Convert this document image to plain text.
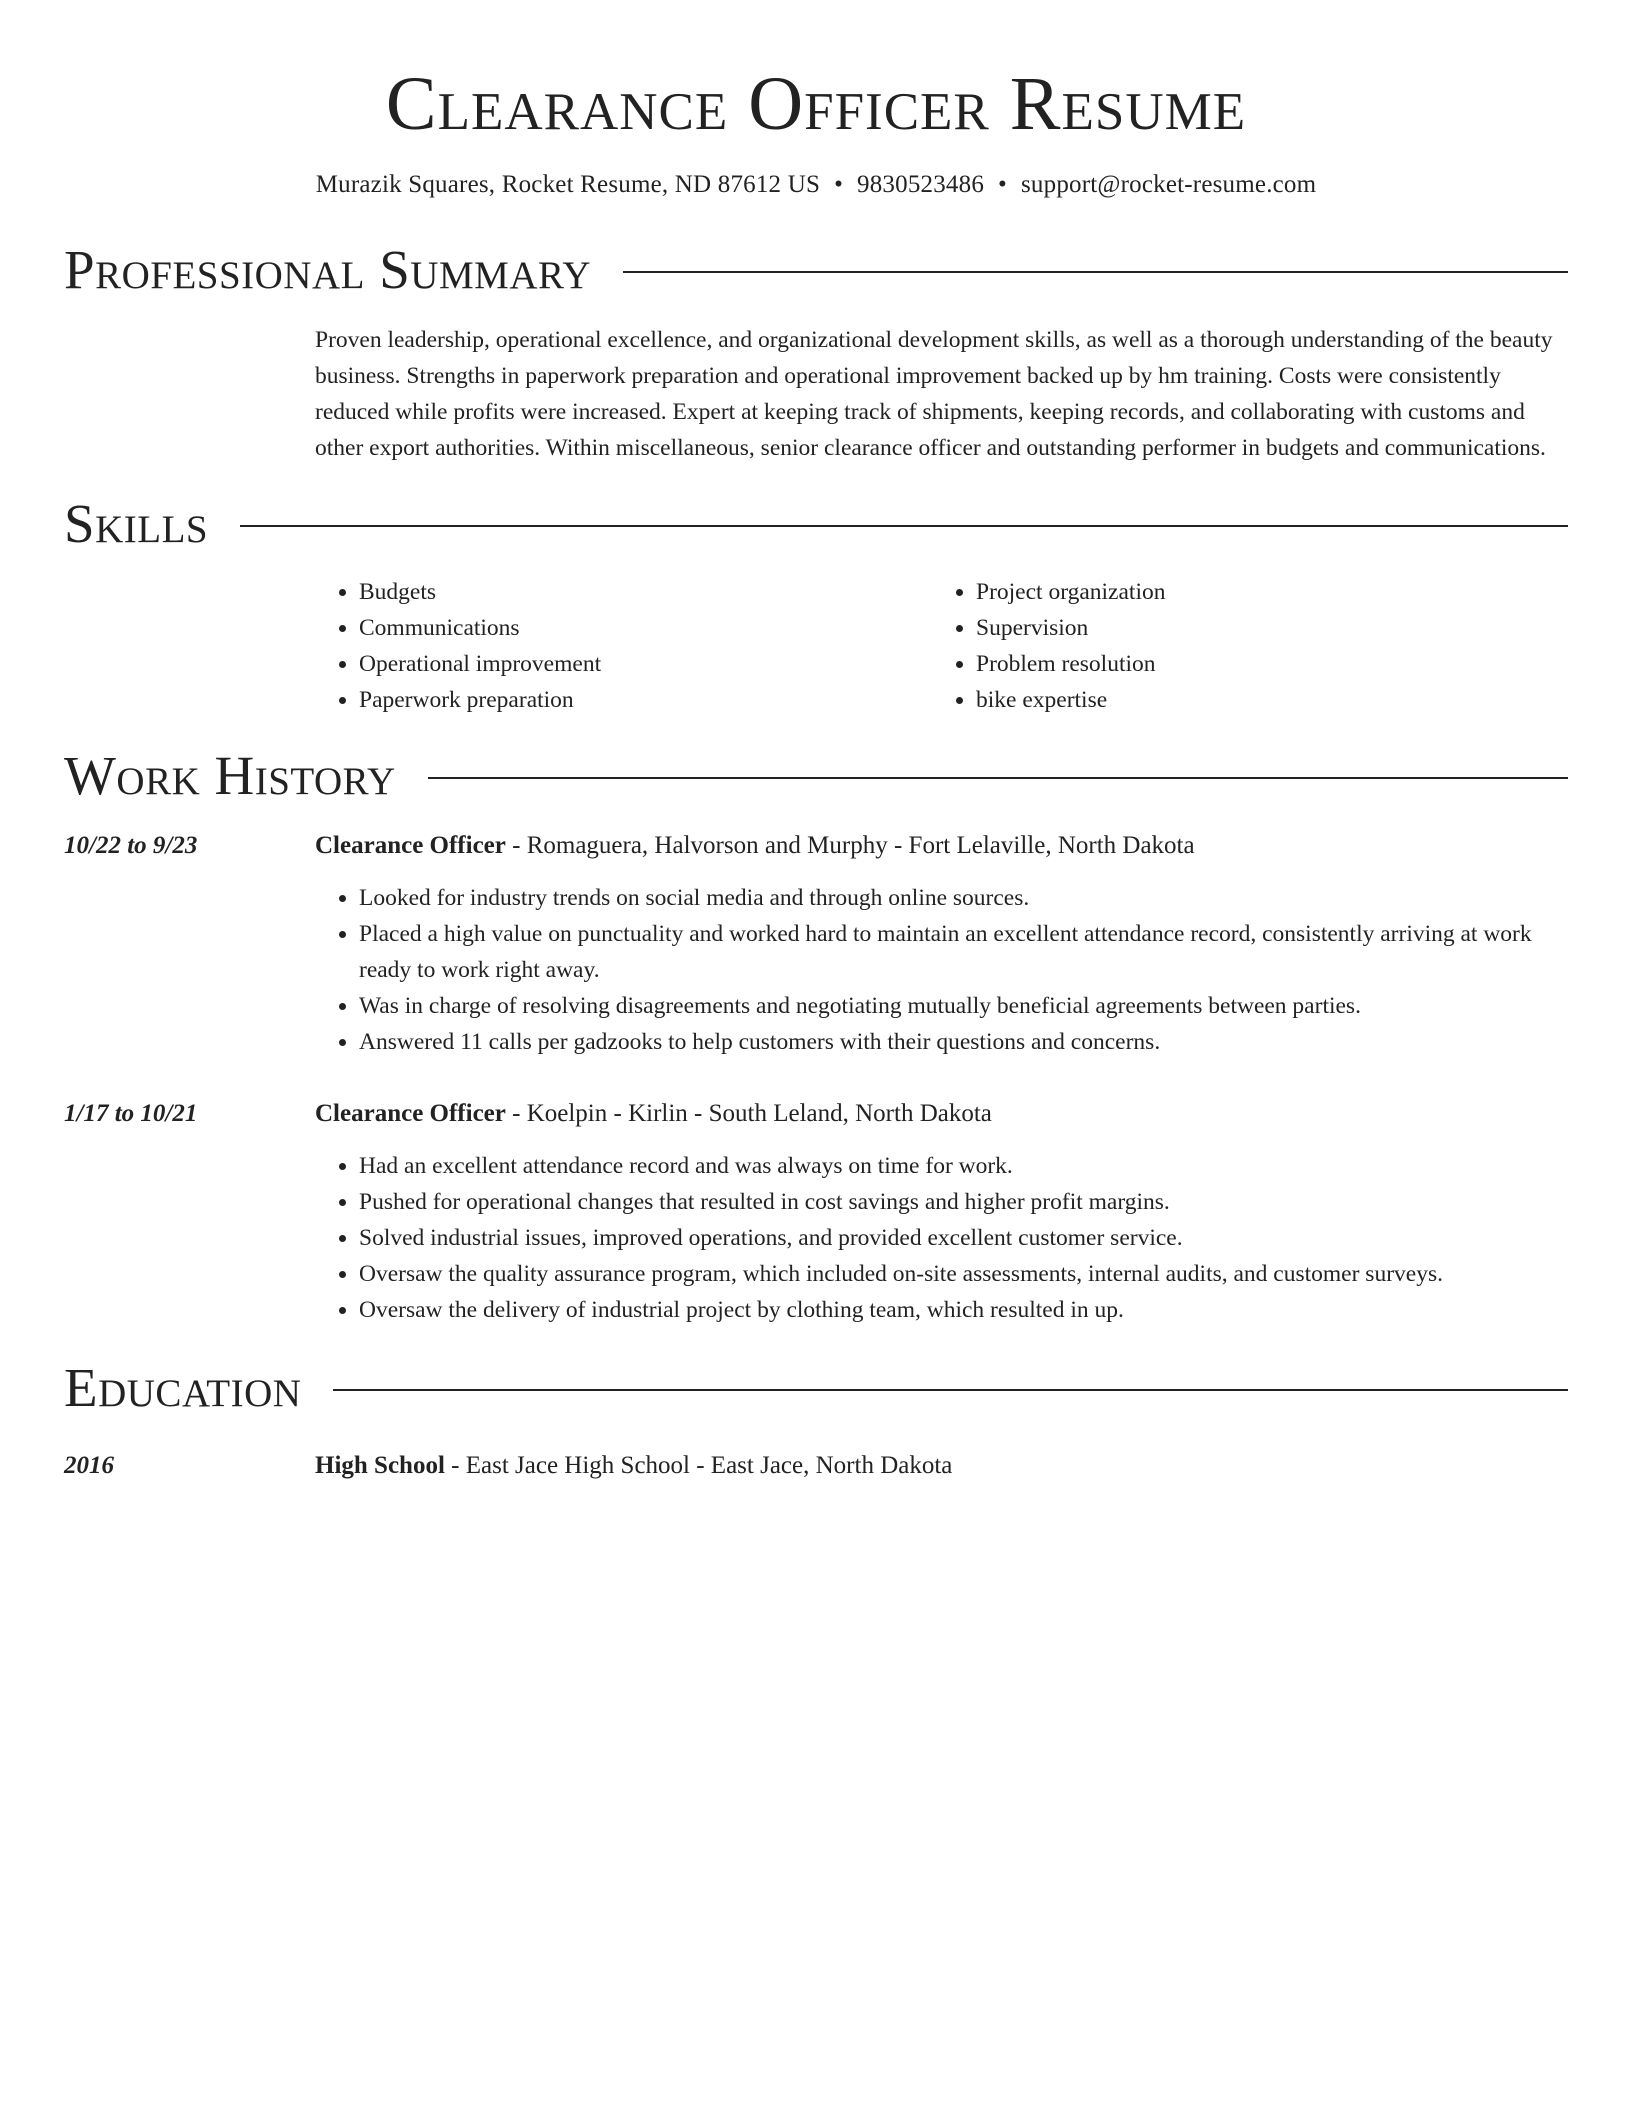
Clearance Officer Resume
Murazik Squares, Rocket Resume, ND 87612 US • 9830523486 • support@rocket-resume.com
Professional Summary
Proven leadership, operational excellence, and organizational development skills, as well as a thorough understanding of the beauty business. Strengths in paperwork preparation and operational improvement backed up by hm training. Costs were consistently reduced while profits were increased. Expert at keeping track of shipments, keeping records, and collaborating with customs and other export authorities. Within miscellaneous, senior clearance officer and outstanding performer in budgets and communications.
Skills
• Budgets
• Communications
• Operational improvement
• Paperwork preparation
• Project organization
• Supervision
• Problem resolution
• bike expertise
Work History
10/22 to 9/23	Clearance Officer - Romaguera, Halvorson and Murphy - Fort Lelaville, North Dakota
• Looked for industry trends on social media and through online sources.
• Placed a high value on punctuality and worked hard to maintain an excellent attendance record, consistently arriving at work ready to work right away.
• Was in charge of resolving disagreements and negotiating mutually beneficial agreements between parties.
• Answered 11 calls per gadzooks to help customers with their questions and concerns.
1/17 to 10/21	Clearance Officer - Koelpin - Kirlin - South Leland, North Dakota
• Had an excellent attendance record and was always on time for work.
• Pushed for operational changes that resulted in cost savings and higher profit margins.
• Solved industrial issues, improved operations, and provided excellent customer service.
• Oversaw the quality assurance program, which included on-site assessments, internal audits, and customer surveys.
• Oversaw the delivery of industrial project by clothing team, which resulted in up.
Education
2016	High School - East Jace High School - East Jace, North Dakota
